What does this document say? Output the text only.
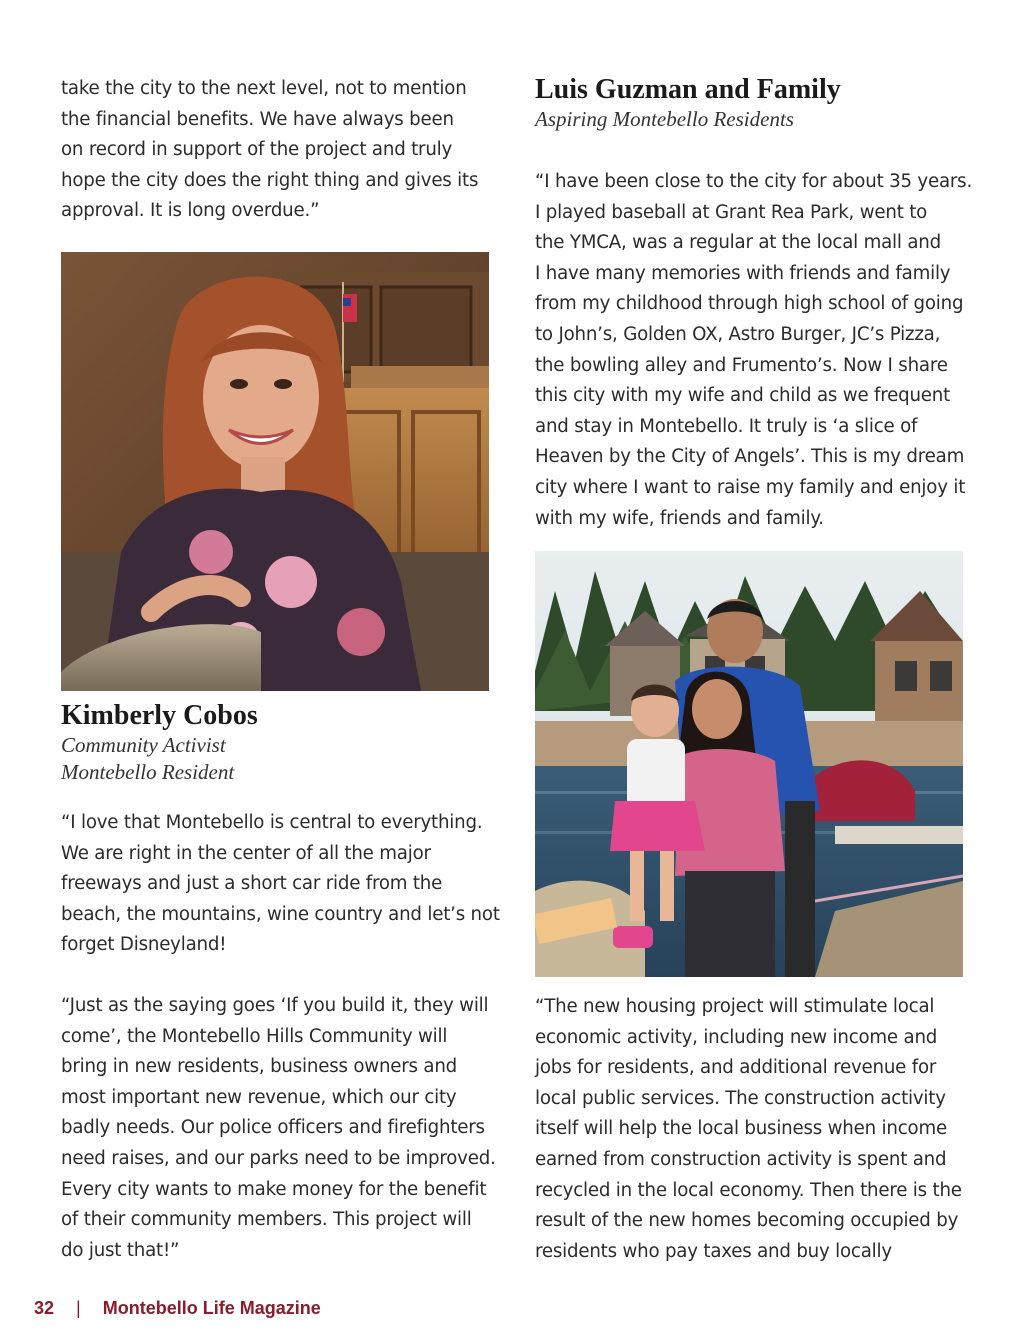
take the city to the next level, not to mention
the financial benefits. We have always been
on record in support of the project and truly
hope the city does the right thing and gives its
approval. It is long overdue.”

Kimberly Cobos

Community Activist

Montebello Resident

“I love that Montebello is central to everything.
We are right in the center of all the major
freeways and just a short car ride from the
beach, the mountains, wine country and let’s not
forget Disneyland!

“Just as the saying goes ‘If you build it, they will
come’, the Montebello Hills Community will
bring in new residents, business owners and
most important new revenue, which our city
badly needs. Our police officers and firefighters
need raises, and our parks need to be improved.
Every city wants to make money for the benefit
of their community members. This project will
do just that!”

Luis Guzman and Family

Aspiring Montebello Residents

“I have been close to the city for about 35 years.
I played baseball at Grant Rea Park, went to
the YMCA, was a regular at the local mall and
I have many memories with friends and family
from my childhood through high school of going
to John’s, Golden OX, Astro Burger, JC’s Pizza,
the bowling alley and Frumento’s. Now I share
this city with my wife and child as we frequent
and stay in Montebello. It truly is ‘a slice of
Heaven by the City of Angels’. This is my dream
city where I want to raise my family and enjoy it
with my wife, friends and family.

“The new housing project will stimulate local
economic activity, including new income and
jobs for residents, and additional revenue for
local public services. The construction activity
itself will help the local business when income
earned from construction activity is spent and
recycled in the local economy. Then there is the
result of the new homes becoming occupied by
residents who pay taxes and buy locally

32 | Montebello Life Magazine
